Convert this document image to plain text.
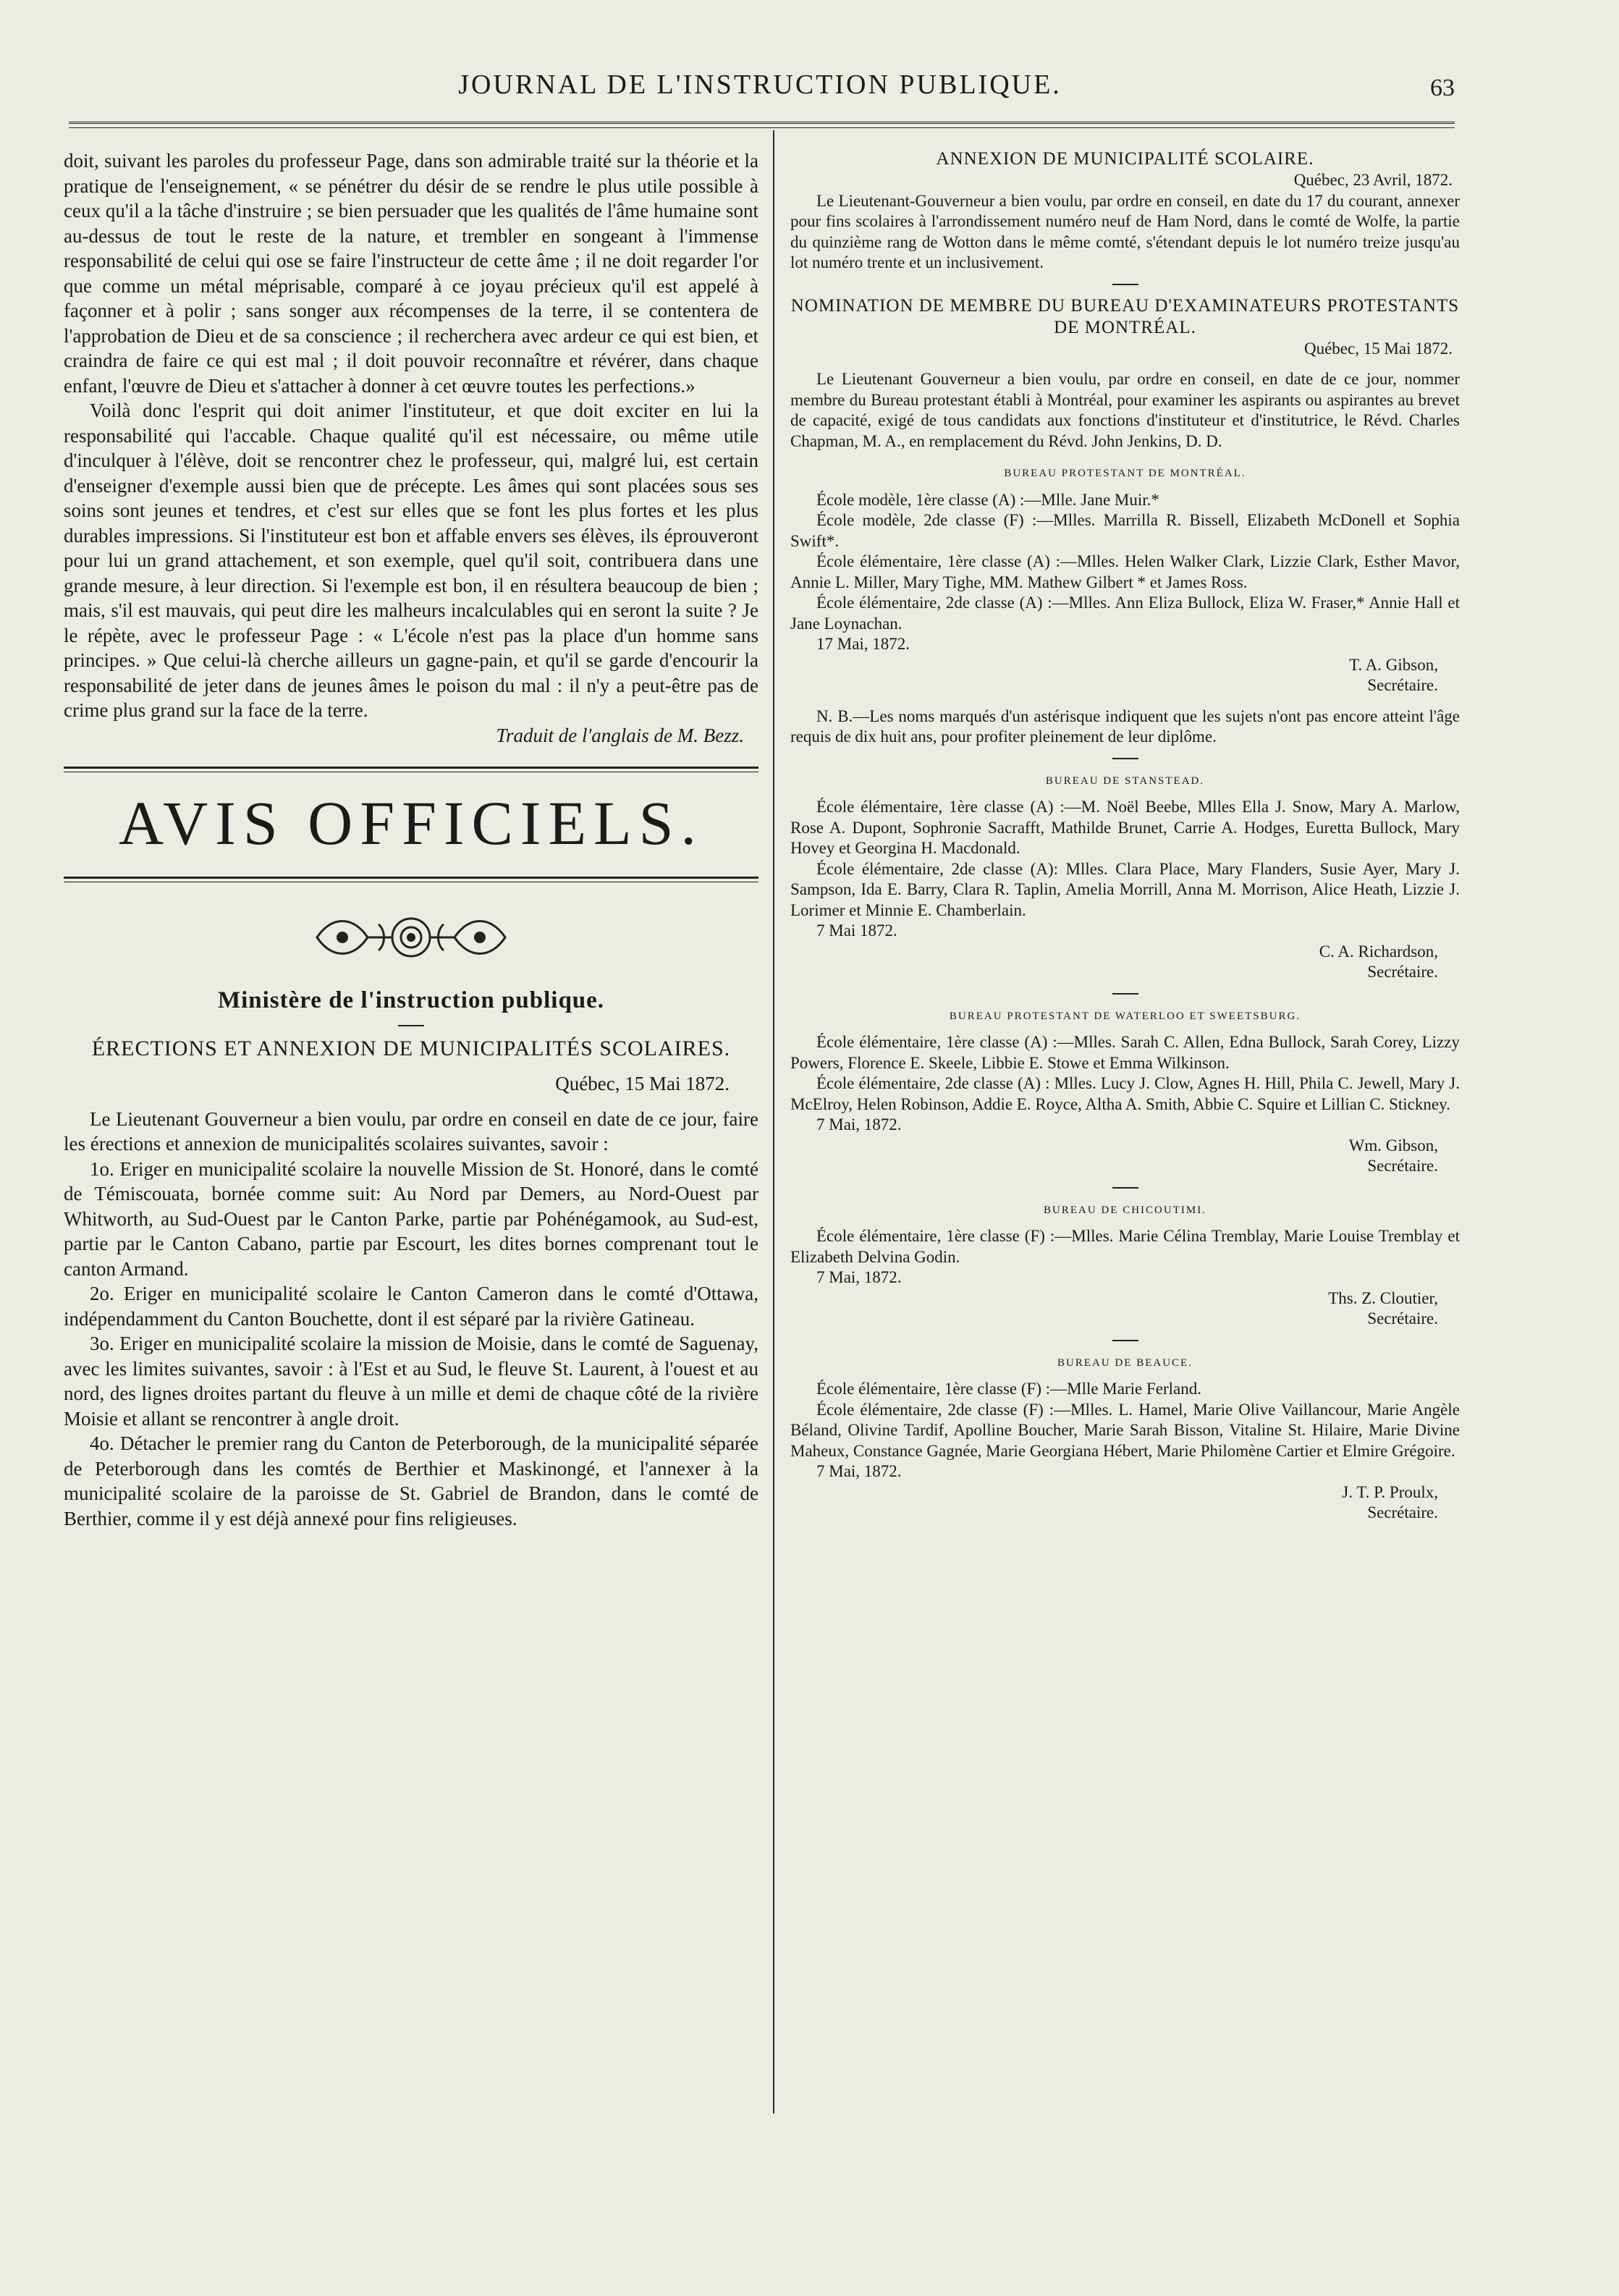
JOURNAL DE L'INSTRUCTION PUBLIQUE.	63

doit, suivant les paroles du professeur Page, dans son admirable traité sur la théorie et la pratique de l'enseignement, « se pénétrer du désir de se rendre le plus utile possible à ceux qu'il a la tâche d'instruire ; se bien persuader que les qualités de l'âme humaine sont au-dessus de tout le reste de la nature, et trembler en songeant à l'immense responsabilité de celui qui ose se faire l'instructeur de cette âme ; il ne doit regarder l'or que comme un métal méprisable, comparé à ce joyau précieux qu'il est appelé à façonner et à polir ; sans songer aux récompenses de la terre, il se contentera de l'approbation de Dieu et de sa conscience ; il recherchera avec ardeur ce qui est bien, et craindra de faire ce qui est mal ; il doit pouvoir reconnaître et révérer, dans chaque enfant, l'œuvre de Dieu et s'attacher à donner à cet œuvre toutes les perfections.»

Voilà donc l'esprit qui doit animer l'instituteur, et que doit exciter en lui la responsabilité qui l'accable. Chaque qualité qu'il est nécessaire, ou même utile d'inculquer à l'élève, doit se rencontrer chez le professeur, qui, malgré lui, est certain d'enseigner d'exemple aussi bien que de précepte. Les âmes qui sont placées sous ses soins sont jeunes et tendres, et c'est sur elles que se font les plus fortes et les plus durables impressions. Si l'instituteur est bon et affable envers ses élèves, ils éprouveront pour lui un grand attachement, et son exemple, quel qu'il soit, contribuera dans une grande mesure, à leur direction. Si l'exemple est bon, il en résultera beaucoup de bien ; mais, s'il est mauvais, qui peut dire les malheurs incalculables qui en seront la suite ? Je le répète, avec le professeur Page : « L'école n'est pas la place d'un homme sans principes. » Que celui-là cherche ailleurs un gagne-pain, et qu'il se garde d'encourir la responsabilité de jeter dans de jeunes âmes le poison du mal : il n'y a peut-être pas de crime plus grand sur la face de la terre.

Traduit de l'anglais de M. Bezz.

AVIS OFFICIELS.
Ministère de l'instruction publique.
ÉRECTIONS ET ANNEXION DE MUNICIPALITÉS SCOLAIRES.

Québec, 15 Mai 1872.

Le Lieutenant Gouverneur a bien voulu, par ordre en conseil en date de ce jour, faire les érections et annexion de municipalités scolaires suivantes, savoir :

1o. Eriger en municipalité scolaire la nouvelle Mission de St. Honoré, dans le comté de Témiscouata, bornée comme suit: Au Nord par Demers, au Nord-Ouest par Whitworth, au Sud-Ouest par le Canton Parke, partie par Pohénégamook, au Sud-est, partie par le Canton Cabano, partie par Escourt, les dites bornes comprenant tout le canton Armand.

2o. Eriger en municipalité scolaire le Canton Cameron dans le comté d'Ottawa, indépendamment du Canton Bouchette, dont il est séparé par la rivière Gatineau.

3o. Eriger en municipalité scolaire la mission de Moisie, dans le comté de Saguenay, avec les limites suivantes, savoir : à l'Est et au Sud, le fleuve St. Laurent, à l'ouest et au nord, des lignes droites partant du fleuve à un mille et demi de chaque côté de la rivière Moisie et allant se rencontrer à angle droit.

4o. Détacher le premier rang du Canton de Peterborough, de la municipalité séparée de Peterborough dans les comtés de Berthier et Maskinongé, et l'annexer à la municipalité scolaire de la paroisse de St. Gabriel de Brandon, dans le comté de Berthier, comme il y est déjà annexé pour fins religieuses.

ANNEXION DE MUNICIPALITÉ SCOLAIRE.

Québec, 23 Avril, 1872.

Le Lieutenant-Gouverneur a bien voulu, par ordre en conseil, en date du 17 du courant, annexer pour fins scolaires à l'arrondissement numéro neuf de Ham Nord, dans le comté de Wolfe, la partie du quinzième rang de Wotton dans le même comté, s'étendant depuis le lot numéro treize jusqu'au lot numéro trente et un inclusivement.

NOMINATION DE MEMBRE DU BUREAU D'EXAMINATEURS PROTESTANTS DE MONTRÉAL.

Québec, 15 Mai 1872.

Le Lieutenant Gouverneur a bien voulu, par ordre en conseil, en date de ce jour, nommer membre du Bureau protestant établi à Montréal, pour examiner les aspirants ou aspirantes au brevet de capacité, exigé de tous candidats aux fonctions d'instituteur et d'institutrice, le Révd. Charles Chapman, M. A., en remplacement du Révd. John Jenkins, D. D.

BUREAU PROTESTANT DE MONTRÉAL.

École modèle, 1ère classe (A) :—Mlle. Jane Muir.*

École modèle, 2de classe (F) :—Mlles. Marrilla R. Bissell, Elizabeth McDonell et Sophia Swift*.

École élémentaire, 1ère classe (A) :—Mlles. Helen Walker Clark, Lizzie Clark, Esther Mavor, Annie L. Miller, Mary Tighe, MM. Mathew Gilbert * et James Ross.

École élémentaire, 2de classe (A) :—Mlles. Ann Eliza Bullock, Eliza W. Fraser,* Annie Hall et Jane Loynachan.

17 Mai, 1872.

T. A. Gibson,

Secrétaire.

N. B.—Les noms marqués d'un astérisque indiquent que les sujets n'ont pas encore atteint l'âge requis de dix huit ans, pour profiter pleinement de leur diplôme.

BUREAU DE STANSTEAD.

École élémentaire, 1ère classe (A) :—M. Noël Beebe, Mlles Ella J. Snow, Mary A. Marlow, Rose A. Dupont, Sophronie Sacrafft, Mathilde Brunet, Carrie A. Hodges, Euretta Bullock, Mary Hovey et Georgina H. Macdonald.

École élémentaire, 2de classe (A): Mlles. Clara Place, Mary Flanders, Susie Ayer, Mary J. Sampson, Ida E. Barry, Clara R. Taplin, Amelia Morrill, Anna M. Morrison, Alice Heath, Lizzie J. Lorimer et Minnie E. Chamberlain.

7 Mai 1872.

C. A. Richardson,

Secrétaire.

BUREAU PROTESTANT DE WATERLOO ET SWEETSBURG.

École élémentaire, 1ère classe (A) :—Mlles. Sarah C. Allen, Edna Bullock, Sarah Corey, Lizzy Powers, Florence E. Skeele, Libbie E. Stowe et Emma Wilkinson.

École élémentaire, 2de classe (A) : Mlles. Lucy J. Clow, Agnes H. Hill, Phila C. Jewell, Mary J. McElroy, Helen Robinson, Addie E. Royce, Altha A. Smith, Abbie C. Squire et Lillian C. Stickney.

7 Mai, 1872.

Wm. Gibson,

Secrétaire.

BUREAU DE CHICOUTIMI.

École élémentaire, 1ère classe (F) :—Mlles. Marie Célina Tremblay, Marie Louise Tremblay et Elizabeth Delvina Godin.

7 Mai, 1872.

Ths. Z. Cloutier,

Secrétaire.

BUREAU DE BEAUCE.

École élémentaire, 1ère classe (F) :—Mlle Marie Ferland.

École élémentaire, 2de classe (F) :—Mlles. L. Hamel, Marie Olive Vaillancour, Marie Angèle Béland, Olivine Tardif, Apolline Boucher, Marie Sarah Bisson, Vitaline St. Hilaire, Marie Divine Maheux, Constance Gagnée, Marie Georgiana Hébert, Marie Philomène Cartier et Elmire Grégoire.

7 Mai, 1872.

J. T. P. Proulx,

Secrétaire.
